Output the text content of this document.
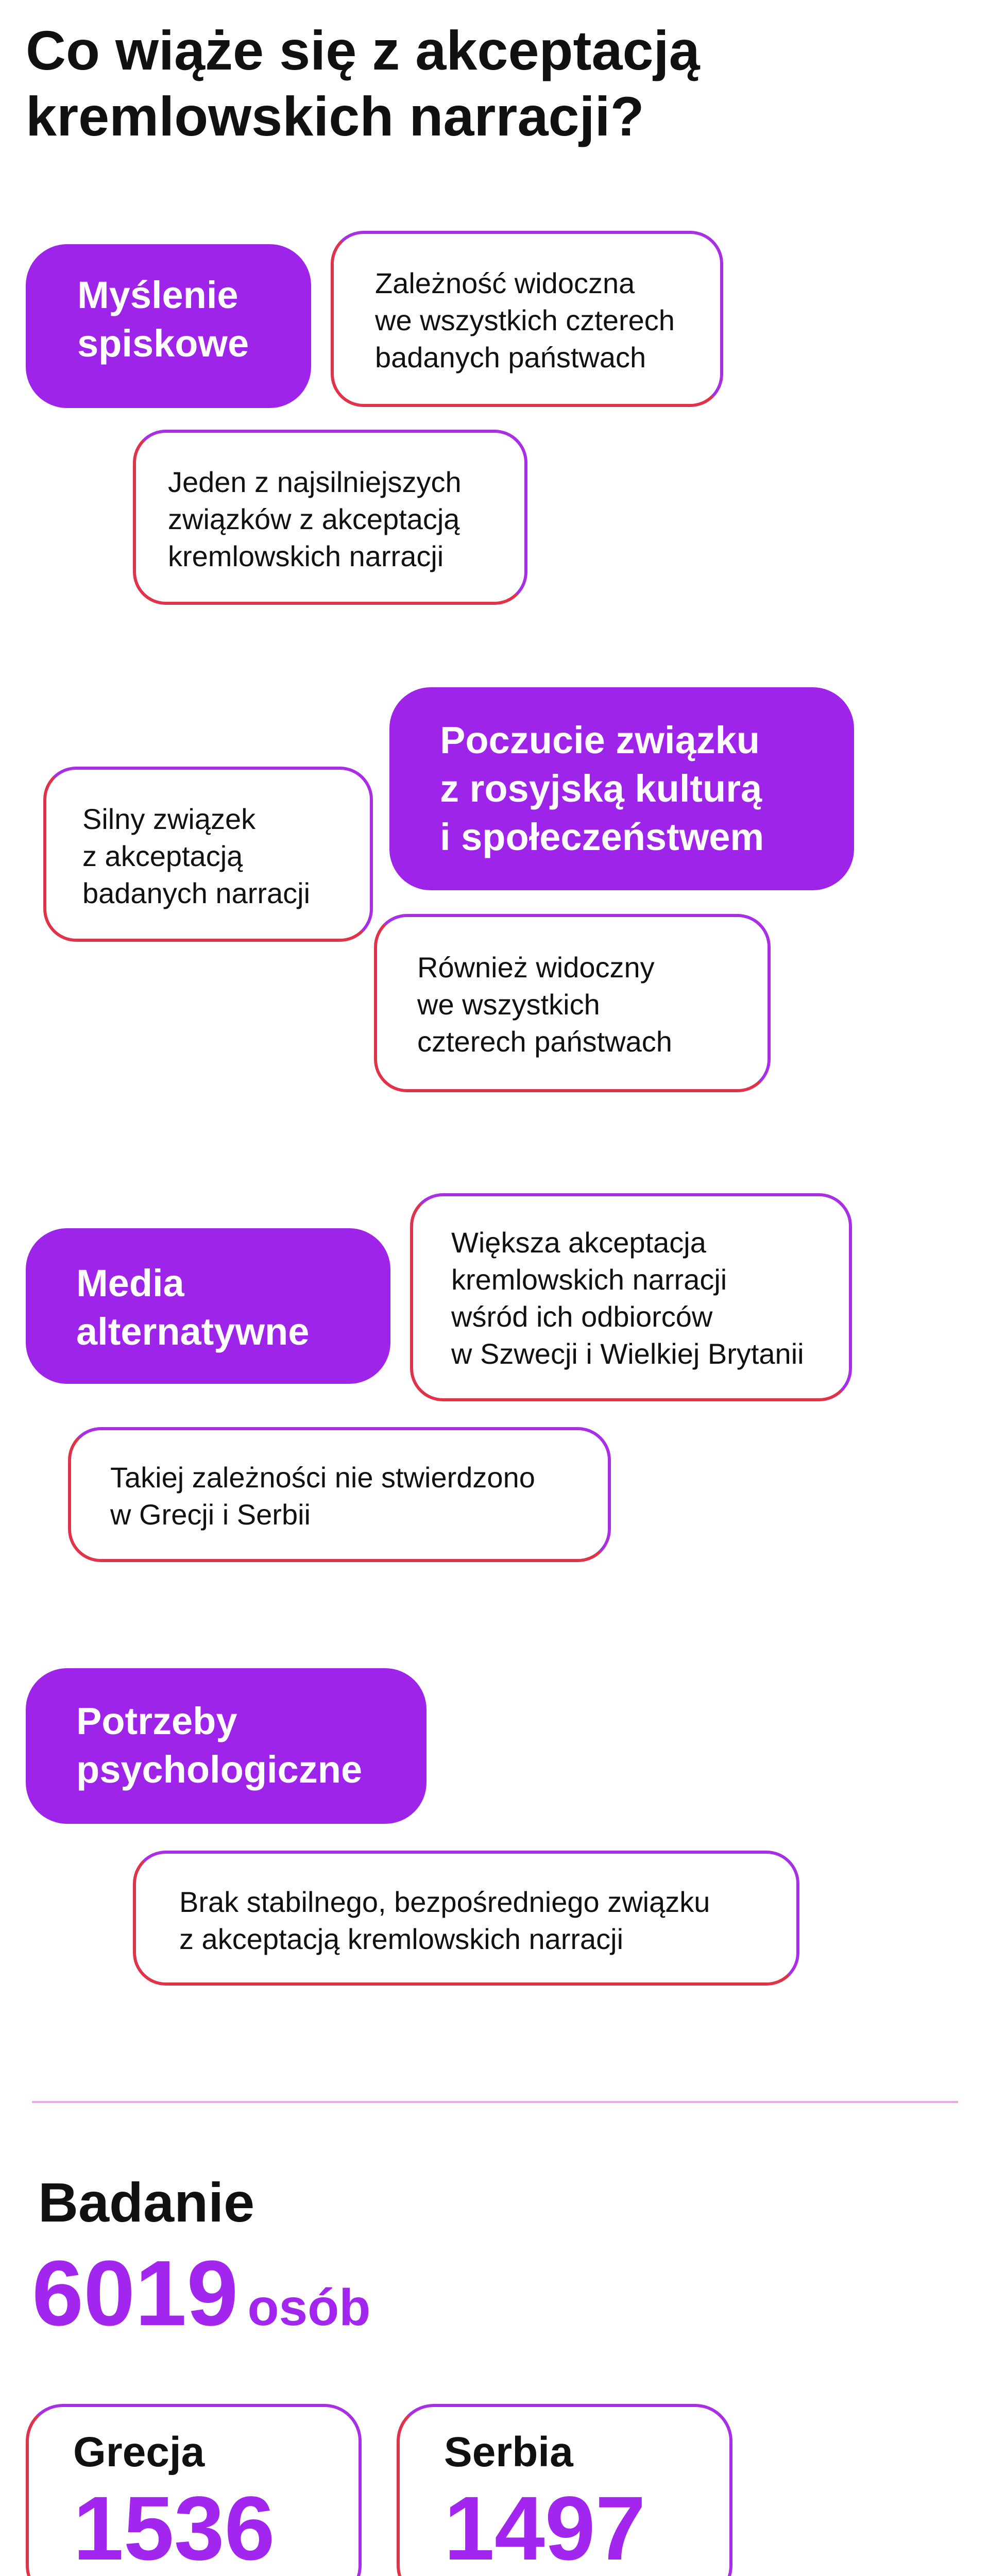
Co wiąże się z akceptacją kremlowskich narracji?
Myślenie
spiskowe
Zależność widoczna
we wszystkich czterech
badanych państwach
Jeden z najsilniejszych
związków z akceptacją
kremlowskich narracji
Poczucie związku
z rosyjską kulturą
i społeczeństwem
Silny związek
z akceptacją
badanych narracji
Również widoczny
we wszystkich
czterech państwach
Media
alternatywne
Większa akceptacja
kremlowskich narracji
wśród ich odbiorców
w Szwecji i Wielkiej Brytanii
Takiej zależności nie stwierdzono
w Grecji i Serbii
Potrzeby
psychologiczne
Brak stabilnego, bezpośredniego związku
z akceptacją kremlowskich narracji
Badanie
6019 osób
Grecja
1536
Serbia
1497
